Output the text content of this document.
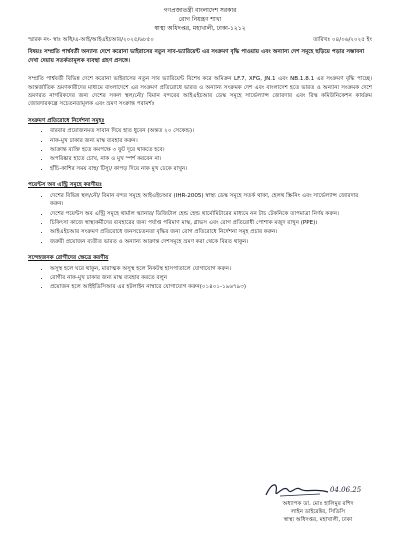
গণপ্রজাতন্ত্রী বাংলাদেশ সরকার
রোগ নিয়ন্ত্রণ শাখা
স্বাস্থ্য অধিদপ্তর, মহাখালী, ঢাকা-১২১২
স্মারক নং- স্বাঃ অধি/এ-আই/আইএইচআর/২০২৫/৬৮৫০	তারিখঃ ০৪/০৬/২০২৫ ইং
বিষয়ঃ সম্প্রতি পার্শ্ববর্তী অন্যান্য দেশে করোনা ভাইরাসের নতুন সাব-ভ্যারিয়েন্ট এর সংক্রমণ বৃদ্ধি পাওয়ায় এবং অন্যান্য দেশ সমূহে ছড়িয়ে পড়ার সম্ভাবনা দেখা দেয়ায় সতর্কতামূলক ব্যবস্থা গ্রহণ প্রসঙ্গে।
সম্প্রতি পার্শ্ববর্তী বিভিন্ন দেশে করোনা ভাইরাসের নতুন সাব ভ্যারিয়েন্ট বিশেষ করে অমিক্রন LF.7, XFG, JN.1 এবং NB.1.8.1 এর সংক্রমণ বৃদ্ধি পাচ্ছে। আন্তর্জাতিক ভ্রমণকারীদের মাধ্যমে বাংলাদেশে এর সংক্রমণ প্রতিরোধে ভারত ও অন্যান্য সংক্রমক দেশ এবং বাংলাদেশ হতে ভারত ও অন্যান্য সংক্রমক দেশে ভ্রমণরত নাগরিকদের জন্য দেশের সকল স্থল/নৌ/ বিমান বন্দরের আইএইচআর ডেস্ক সমূহে সার্ভেল্যান্স জোরদার এবং রিস্ক কমিউনিকেশন কার্যক্রম জোরদারকল্পে সচেতনতামূলক এবং ভ্রমণ সংক্রান্ত পরামর্শঃ
সংক্রমণ প্রতিরোধে নির্দেশনা সমূহঃ
• বারবার প্রয়োজনমত সাবান দিয়ে হাত ধুবেন (অন্তত ২০ সেকেন্ড)।
• নাক-মুখ ঢাকার জন্য মাস্ক ব্যবহার করুন।
• আক্রান্ত ব্যক্তি হতে কমপক্ষে ৩ ফুট দূরে থাকতে হবে।
• অপরিষ্কার হাতে চোখ, নাক ও মুখ স্পর্শ করবেন না।
• হাঁচি-কাশির সময় বাহু/ টিস্যু/ কাপড় দিয়ে নাক মুখ ঢেকে রাখুন।
পয়েন্টস অব এন্ট্রি সমূহে করণীয়ঃ
• দেশের বিভিন্ন স্থল/নৌ/ বিমান বন্দর সমূহে আইএইচআর (IHR-2005) স্বাস্থ্য ডেস্ক সমূহে সতর্ক থাকা, হেলথ স্ক্রিনিং এবং সার্ভেল্যান্স জোরদার করুন।
• দেশের পয়েন্টস অব এন্ট্রি সমূহে থার্মাল স্ক্যানার/ ডিজিটাল হেন্ড হেল্ড থার্মোমিটারের মাধ্যমে নন টাচ টেকনিকে তাপমাত্রা নির্ণয় করুন।
• চিকিৎসা কাজে স্বাস্থ্যকর্মীদের ব্যবহারের জন্য পর্যাপ্ত পরিমাণ মাস্ক, গ্লাভস এবং রোগ প্রতিরোধী পোশাক মজুদ রাখুন (PPE)।
• আইএইচআর সংক্রমণ প্রতিরোধে জনসচেতনতা বৃদ্ধির জন্য রোগ প্রতিরোধে নির্দেশনা সমূহ প্রচার করুন।
• জরুরী প্রয়োজন ব্যতীত ভারত ও অন্যান্য আক্রান্ত দেশসমূহে ভ্রমণ করা থেকে বিরত থাকুন।
সন্দেহজনক রোগীদের ক্ষেত্রে করণীয়
• অসুস্থ হলে ঘরে থাকুন, মারাত্মক অসুস্থ হলে নিকটস্থ হাসপাতালে যোগাযোগ করুন।
• রোগীর নাক-মুখ ঢাকার জন্য মাস্ক ব্যবহার করতে বলুন
• প্রয়োজন হলে আইইডিসিআর এর হটলাইন নাম্বারে যোগাযোগ করুন(০১৪০১-১৯৬৭৯৩)
04.06.25
অধ্যাপক ডা. মোঃ হালিমুর রশিদ
লাইন ডাইরেক্টর, সিডিসি
স্বাস্থ্য অধিদপ্তর, মহাখালী, ঢাকা
